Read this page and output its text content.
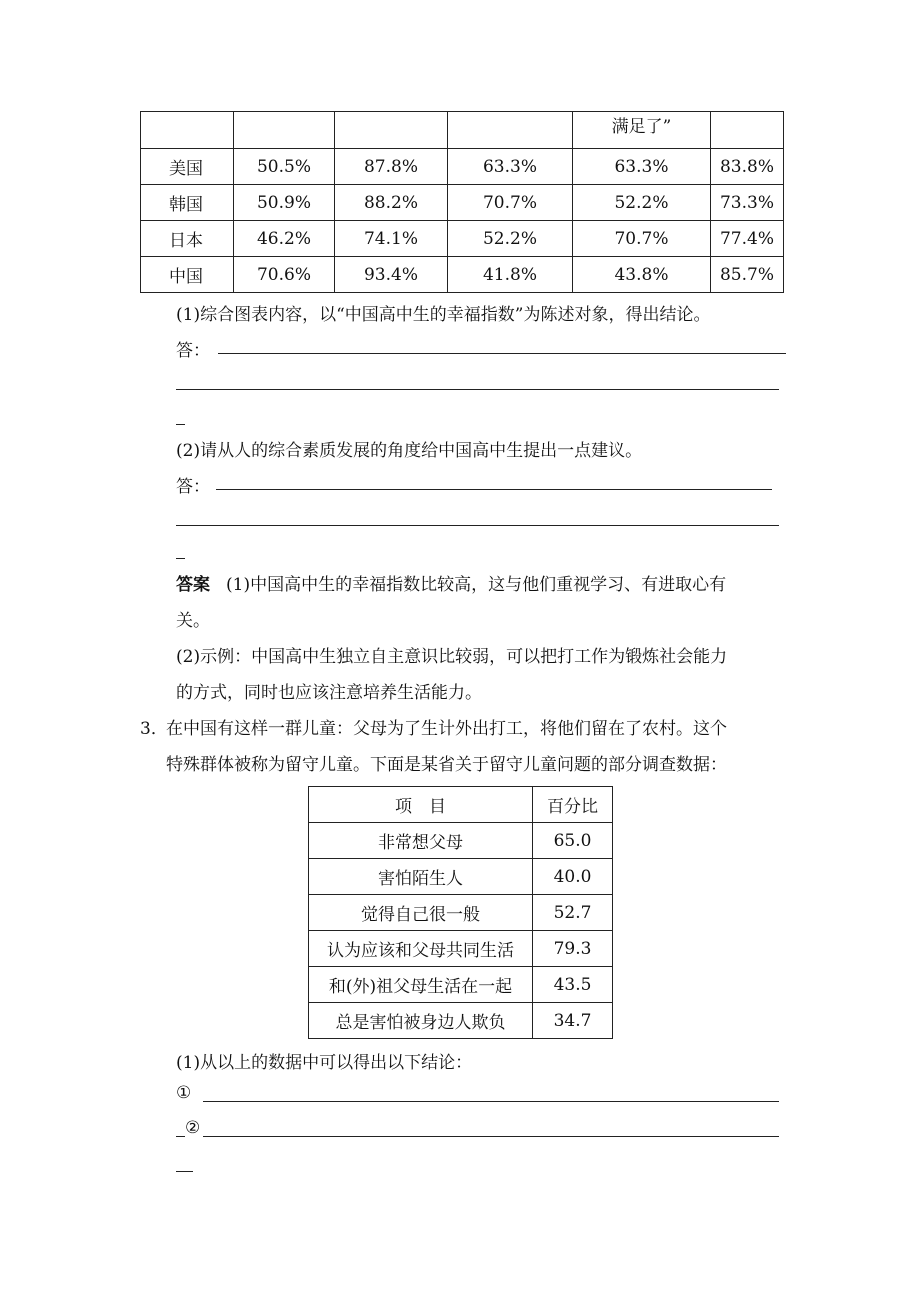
				满足了”	
美国	50.5%	87.8%	63.3%	63.3%	83.8%
韩国	50.9%	88.2%	70.7%	52.2%	73.3%
日本	46.2%	74.1%	52.2%	70.7%	77.4%
中国	70.6%	93.4%	41.8%	43.8%	85.7%
(1)综合图表内容，以“中国高中生的幸福指数”为陈述对象，得出结论。
答：
(2)请从人的综合素质发展的角度给中国高中生提出一点建议。
答：
答案 (1)中国高中生的幸福指数比较高，这与他们重视学习、有进取心有
关。
(2)示例：中国高中生独立自主意识比较弱，可以把打工作为锻炼社会能力
的方式，同时也应该注意培养生活能力。
3．
在中国有这样一群儿童：父母为了生计外出打工，将他们留在了农村。这个
特殊群体被称为留守儿童。下面是某省关于留守儿童问题的部分调查数据：
项　目	百分比
非常想父母	65.0
害怕陌生人	40.0
觉得自己很一般	52.7
认为应该和父母共同生活	79.3
和(外)祖父母生活在一起	43.5
总是害怕被身边人欺负	34.7
(1)从以上的数据中可以得出以下结论：
①
②
